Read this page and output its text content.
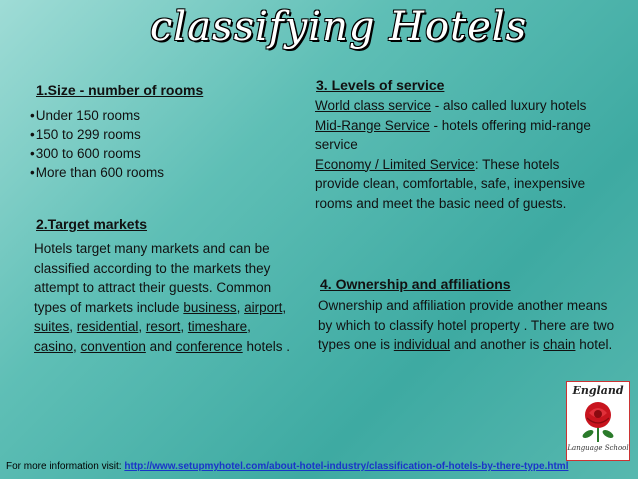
classifying Hotels
1.Size - number of rooms
• Under 150 rooms
• 150 to 299 rooms
• 300 to 600 rooms
• More than 600 rooms
2.Target markets
Hotels target many markets and can be classified according to the markets they attempt to attract their guests. Common types of markets include business, airport, suites, residential, resort, timeshare, casino, convention and conference hotels .
3. Levels of service
World class service - also called luxury hotels
Mid-Range Service - hotels offering mid-range service
Economy / Limited Service: These hotels provide clean, comfortable, safe, inexpensive rooms and meet the basic need of guests.
4. Ownership and affiliations
Ownership and affiliation provide another means by which to classify hotel property . There are two types one is individual and another is chain hotel.
England
Language School
For more information visit: http://www.setupmyhotel.com/about-hotel-industry/classification-of-hotels-by-there-type.html
